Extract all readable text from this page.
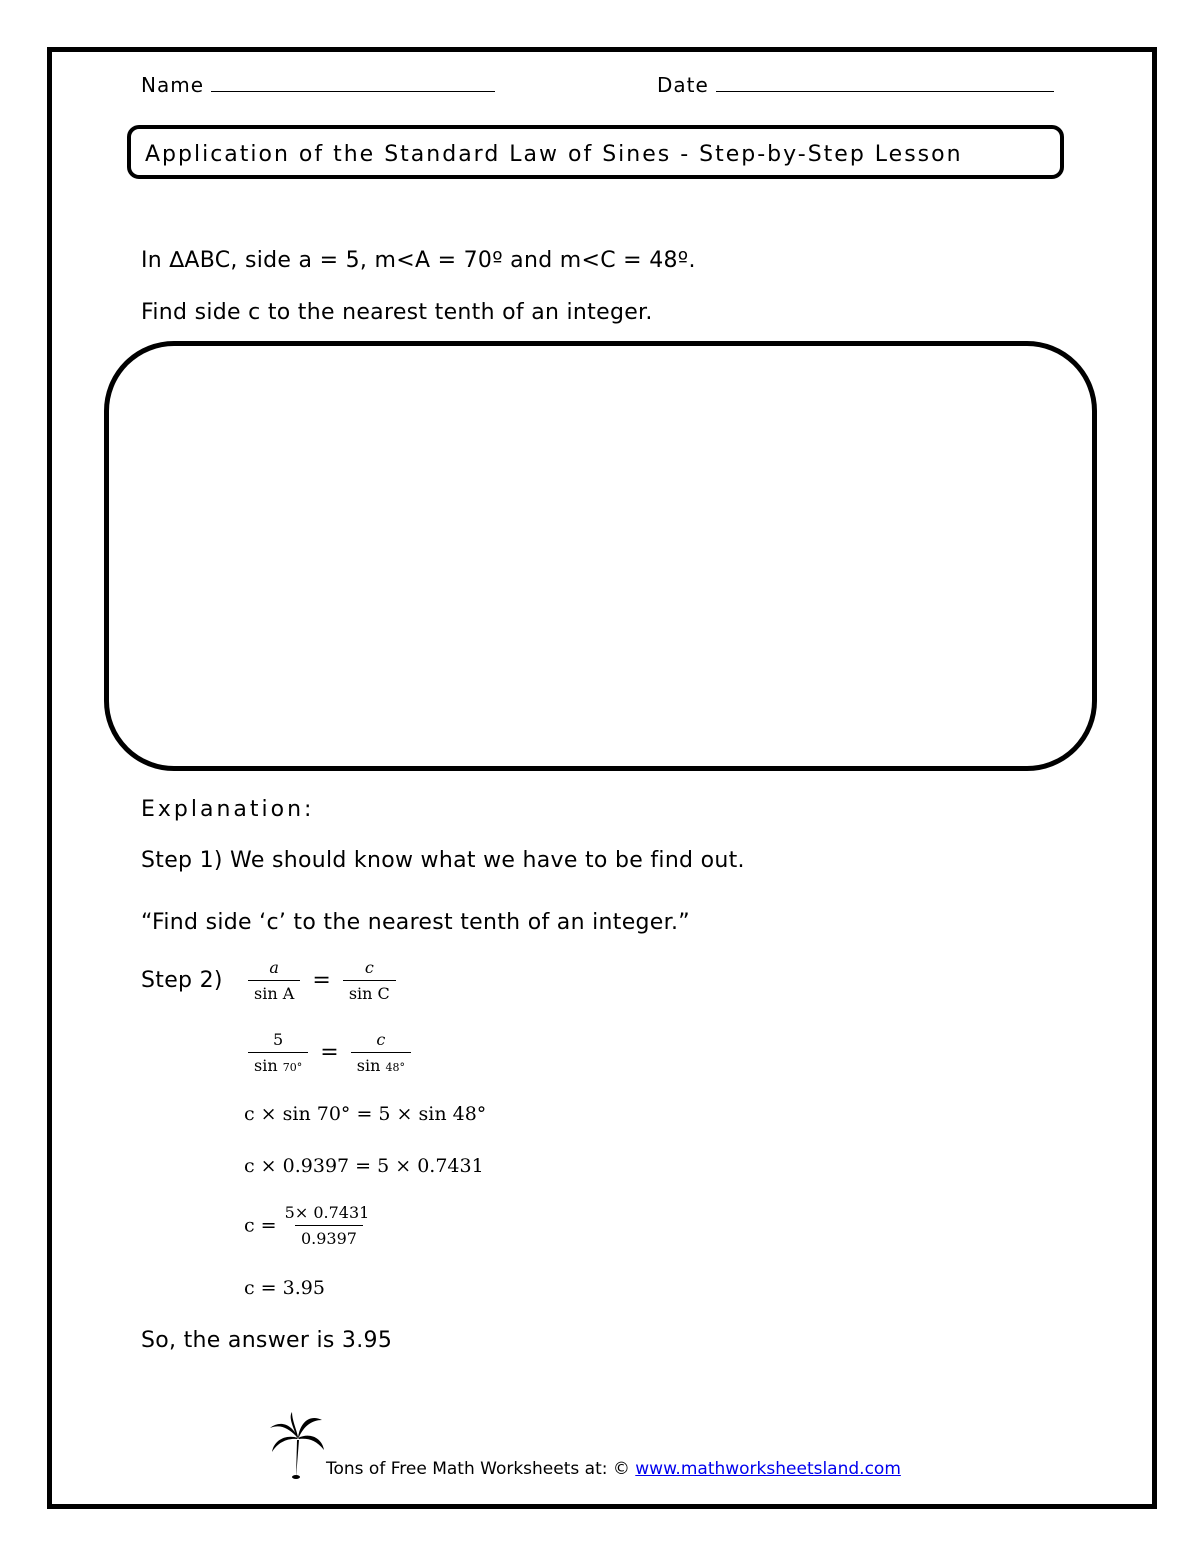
Name	Date
Application of the Standard Law of Sines - Step-by-Step Lesson
In ∆ABC, side a = 5, m<A = 70º and m<C = 48º.
Find side c to the nearest tenth of an integer.
Explanation:
Step 1) We should know what we have to be find out.
“Find side ‘c’ to the nearest tenth of an integer.”
Step $2) \frac{a}{\text{sin A}} = \frac{c}{\text{sin C}}$
$\frac{5}{\sin 70^\circ} = \frac{c}{\sin 48^\circ}$
c × sin 70° = 5 × sin 48°
c × 0.9397 = 5 × 0.7431
$c = \frac{5\times 0.7431}{0.9397}$
c = 3.95
So, the answer is 3.95
Tons of Free Math Worksheets at: © www.mathworksheetsland.com
